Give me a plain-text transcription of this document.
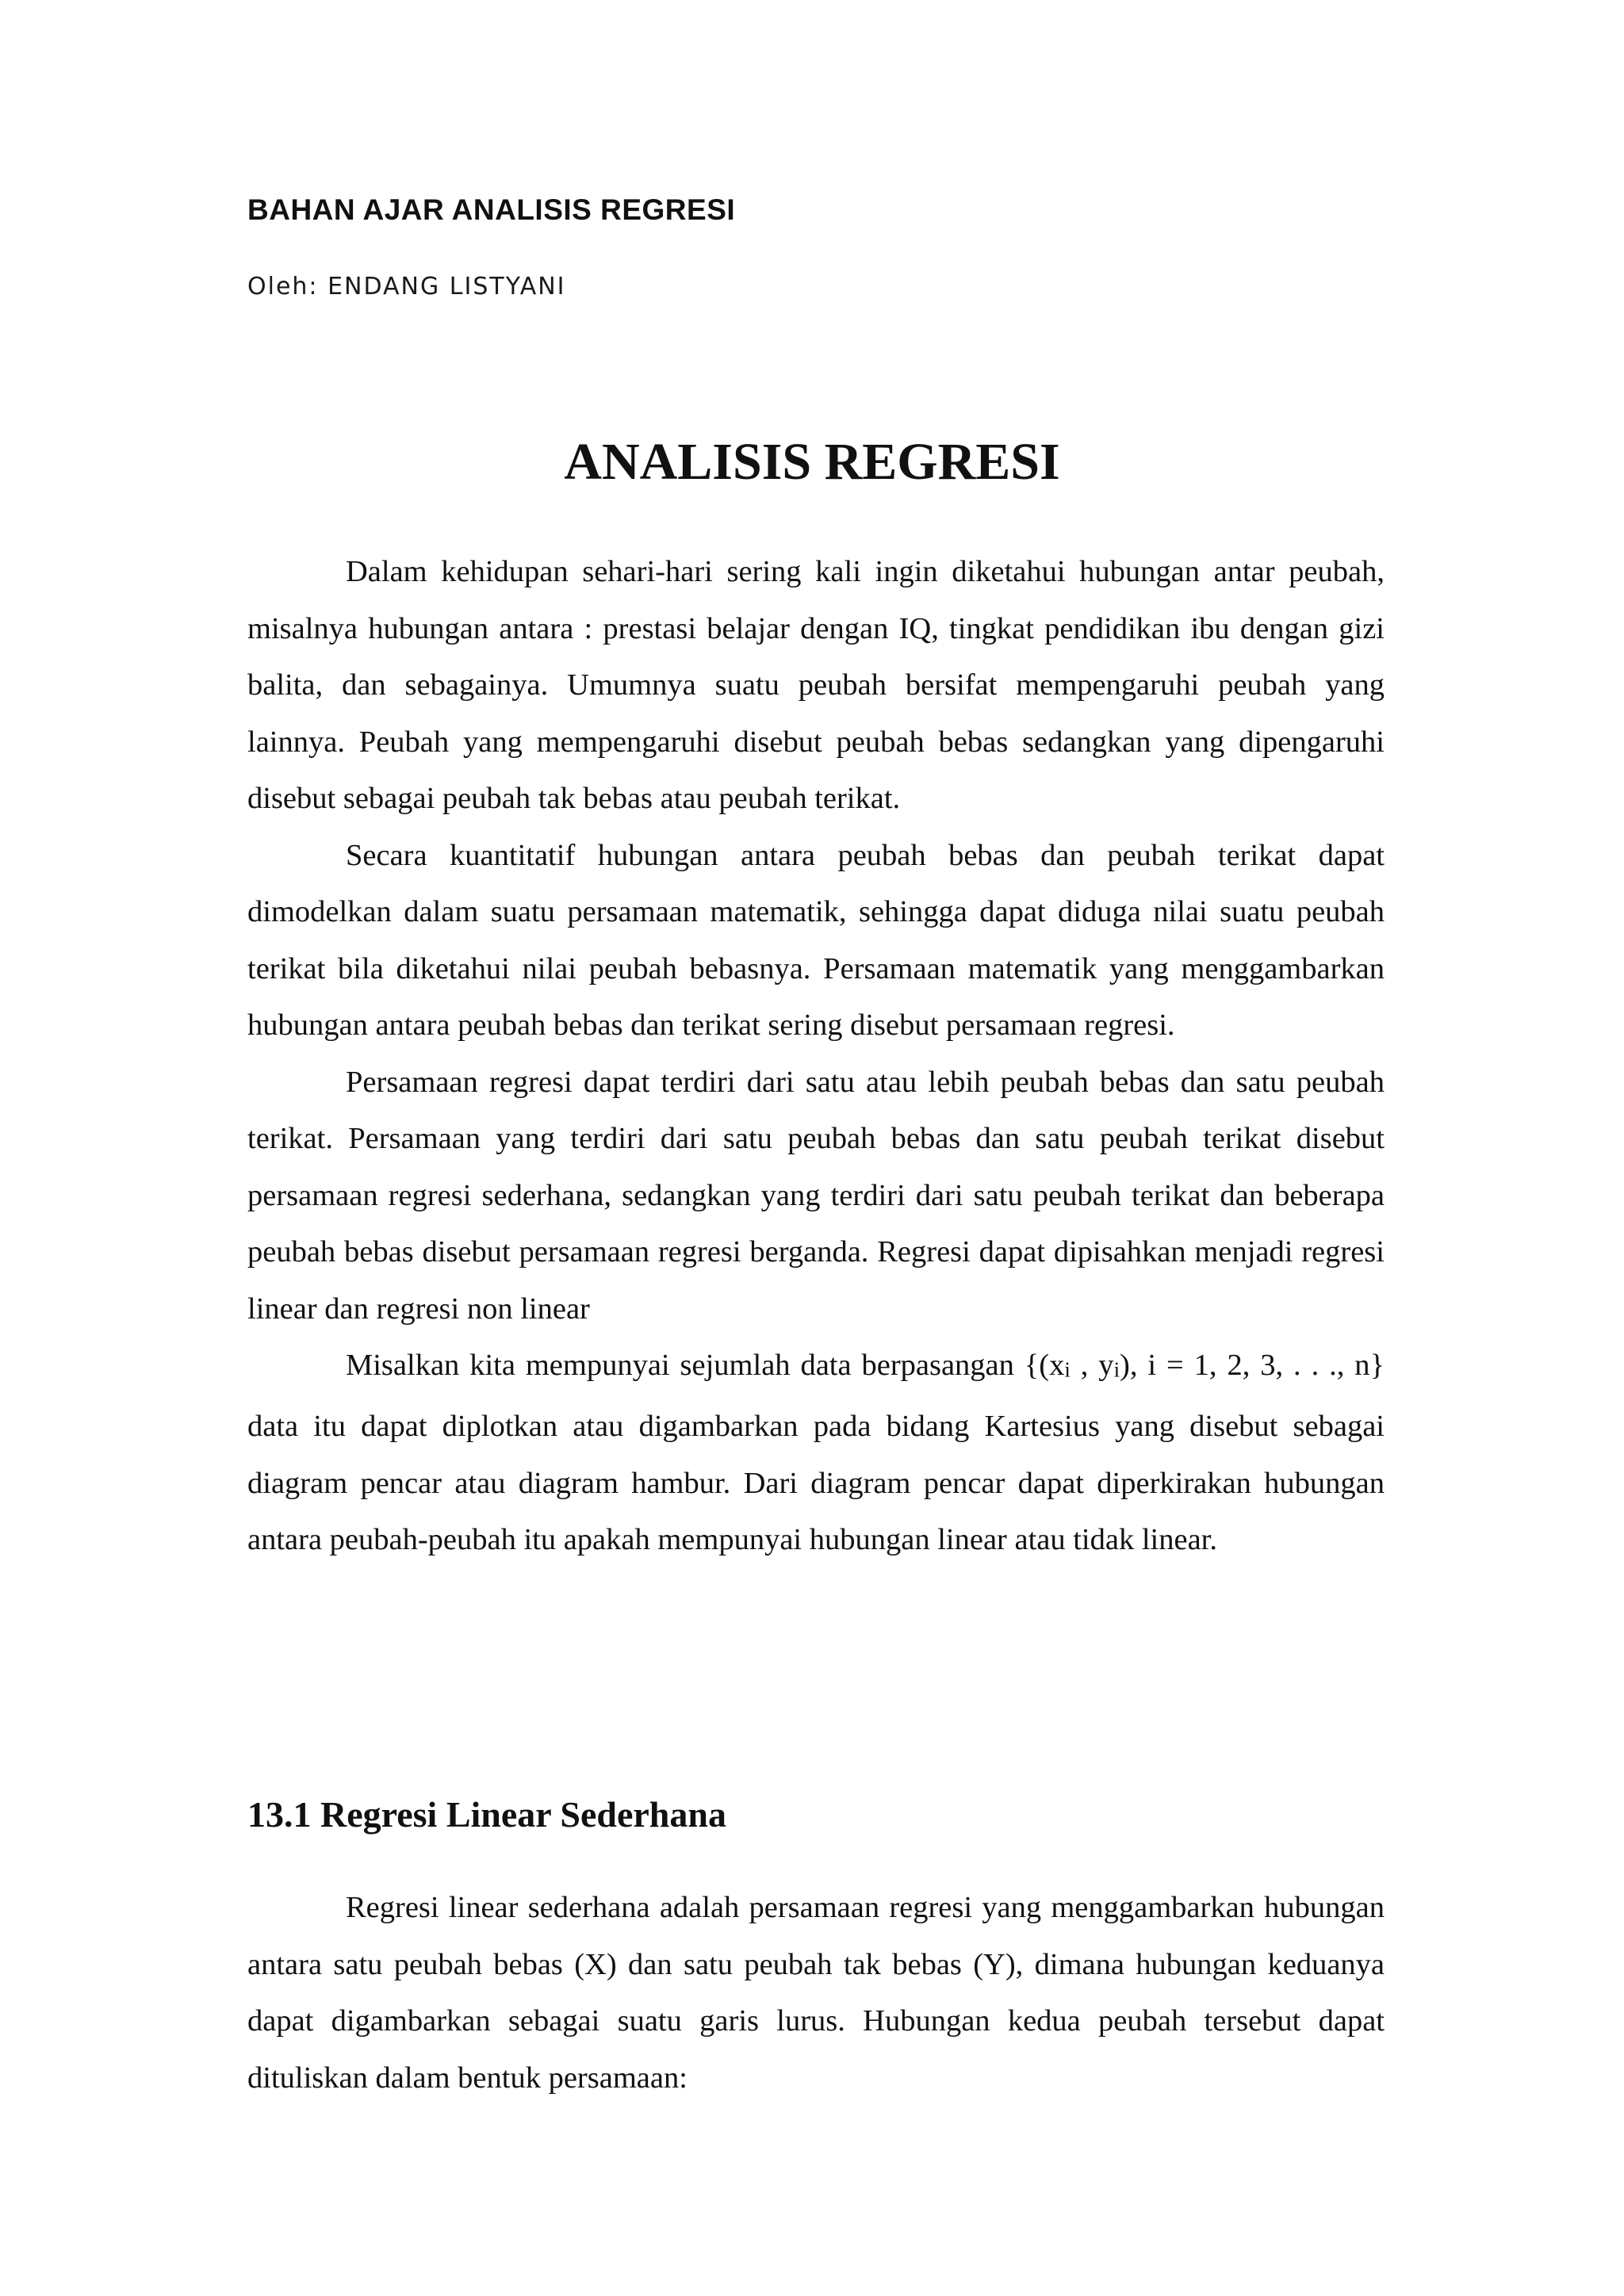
BAHAN AJAR ANALISIS REGRESI
Oleh: ENDANG LISTYANI
ANALISIS REGRESI

Dalam kehidupan sehari-hari sering kali ingin diketahui hubungan antar peubah, misalnya hubungan antara : prestasi belajar dengan IQ, tingkat pendidikan ibu dengan gizi balita, dan sebagainya. Umumnya suatu peubah bersifat mempengaruhi peubah yang lainnya. Peubah yang mempengaruhi disebut peubah bebas sedangkan yang dipengaruhi disebut sebagai peubah tak bebas atau peubah terikat.

Secara kuantitatif hubungan antara peubah bebas dan peubah terikat dapat dimodelkan dalam suatu persamaan matematik, sehingga dapat diduga nilai suatu peubah terikat bila diketahui nilai peubah bebasnya. Persamaan matematik yang menggambarkan hubungan antara peubah bebas dan terikat sering disebut persamaan regresi.

Persamaan regresi dapat terdiri dari satu atau lebih peubah bebas dan satu peubah terikat. Persamaan yang terdiri dari satu peubah bebas dan satu peubah terikat disebut persamaan regresi sederhana, sedangkan yang terdiri dari satu peubah terikat dan beberapa peubah bebas disebut persamaan regresi berganda. Regresi dapat dipisahkan menjadi regresi linear dan regresi non linear

Misalkan kita mempunyai sejumlah data berpasangan {($x_i$ , $y_i$), i = 1, 2, 3, . . ., n} data itu dapat diplotkan atau digambarkan pada bidang Kartesius yang disebut sebagai diagram pencar atau diagram hambur. Dari diagram pencar dapat diperkirakan hubungan antara peubah-peubah itu apakah mempunyai hubungan linear atau tidak linear.

13.1 Regresi Linear Sederhana

Regresi linear sederhana adalah persamaan regresi yang menggambarkan hubungan antara satu peubah bebas (X) dan satu peubah tak bebas (Y), dimana hubungan keduanya dapat digambarkan sebagai suatu garis lurus. Hubungan kedua peubah tersebut dapat dituliskan dalam bentuk persamaan:
